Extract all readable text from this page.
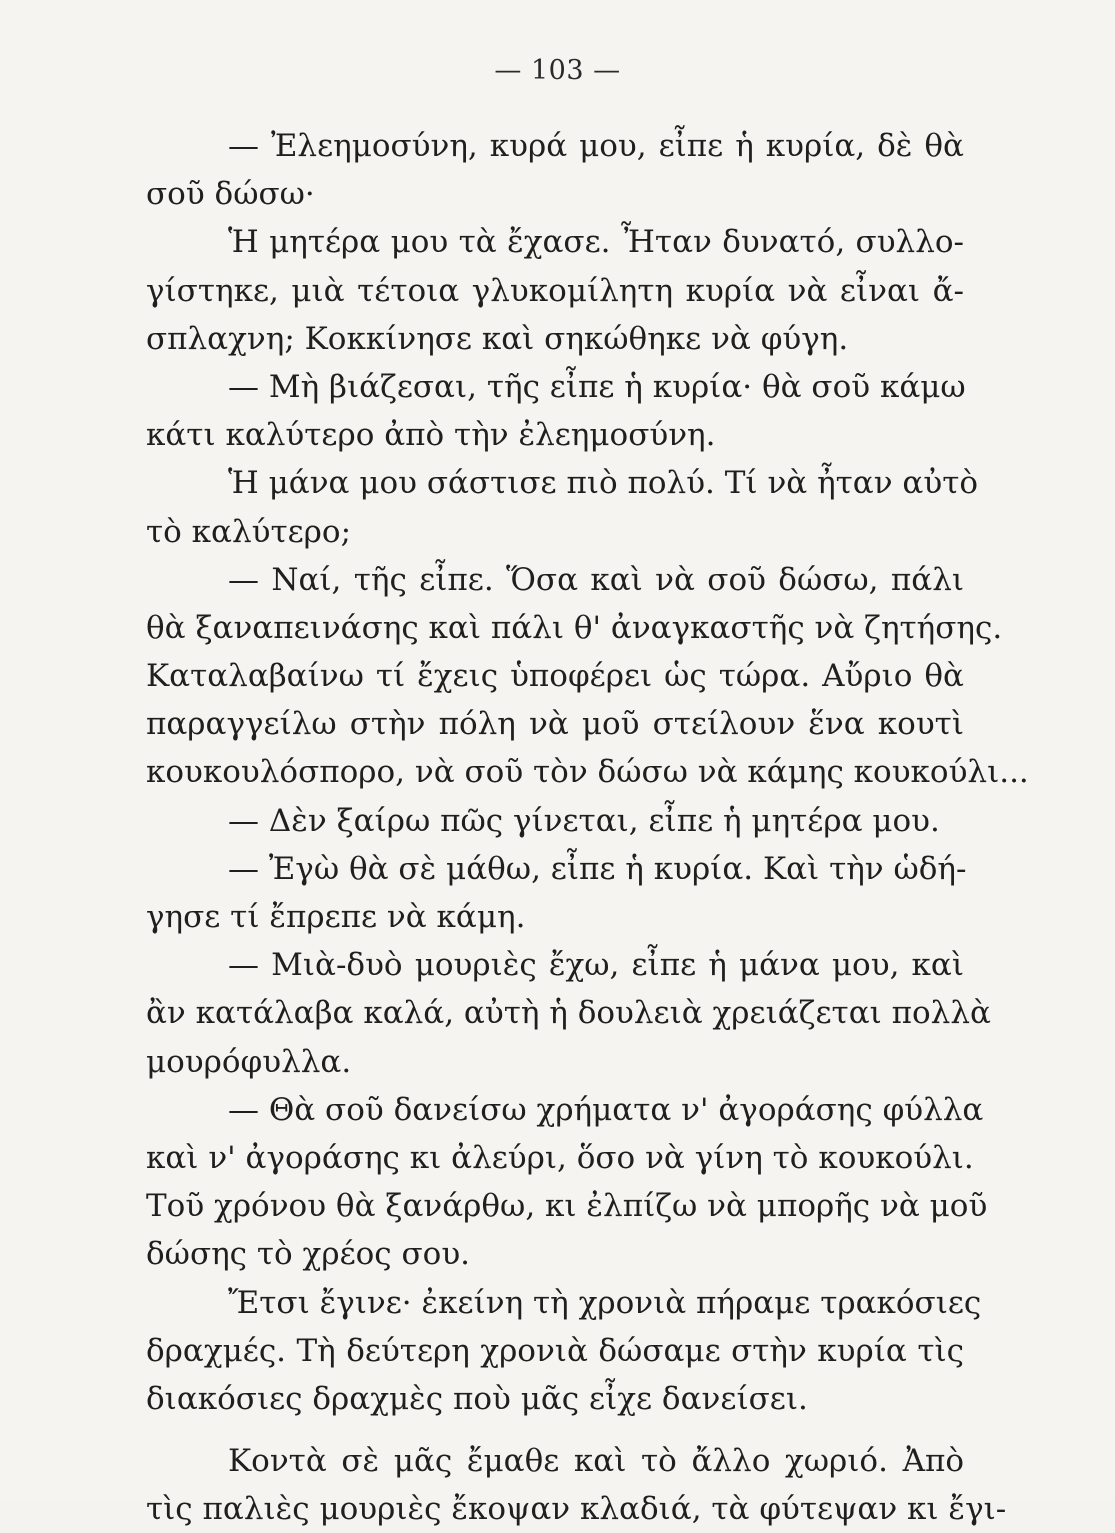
— 103 —
— Ἐλεημοσύνη, κυρά μου, εἶπε ἡ κυρία, δὲ θὰ
σοῦ δώσω·
Ἡ μητέρα μου τὰ ἔχασε. Ἦταν δυνατό, συλλο-
γίστηκε, μιὰ τέτοια γλυκομίλητη κυρία νὰ εἶναι ἄ-
σπλαχνη; Κοκκίνησε καὶ σηκώθηκε νὰ φύγη.
— Μὴ βιάζεσαι, τῆς εἶπε ἡ κυρία· θὰ σοῦ κάμω
κάτι καλύτερο ἀπὸ τὴν ἐλεημοσύνη.
Ἡ μάνα μου σάστισε πιὸ πολύ. Τί νὰ ἦταν αὐτὸ
τὸ καλύτερο;
— Ναί, τῆς εἶπε. Ὅσα καὶ νὰ σοῦ δώσω, πάλι
θὰ ξαναπεινάσης καὶ πάλι θ' ἀναγκαστῆς νὰ ζητήσης.
Καταλαβαίνω τί ἔχεις ὑποφέρει ὡς τώρα. Αὔριο θὰ
παραγγείλω στὴν πόλη νὰ μοῦ στείλουν ἕνα κουτὶ
κουκουλόσπορο, νὰ σοῦ τὸν δώσω νὰ κάμης κουκούλι...
— Δὲν ξαίρω πῶς γίνεται, εἶπε ἡ μητέρα μου.
— Ἐγὼ θὰ σὲ μάθω, εἶπε ἡ κυρία. Καὶ τὴν ὡδή-
γησε τί ἔπρεπε νὰ κάμη.
— Μιὰ-δυὸ μουριὲς ἔχω, εἶπε ἡ μάνα μου, καὶ
ἂν κατάλαβα καλά, αὐτὴ ἡ δουλειὰ χρειάζεται πολλὰ
μουρόφυλλα.
— Θὰ σοῦ δανείσω χρήματα ν' ἀγοράσης φύλλα
καὶ ν' ἀγοράσης κι ἀλεύρι, ὅσο νὰ γίνη τὸ κουκούλι.
Τοῦ χρόνου θὰ ξανάρθω, κι ἐλπίζω νὰ μπορῆς νὰ μοῦ
δώσης τὸ χρέος σου.
Ἔτσι ἔγινε· ἐκείνη τὴ χρονιὰ πήραμε τρακόσιες
δραχμές. Τὴ δεύτερη χρονιὰ δώσαμε στὴν κυρία τὶς
διακόσιες δραχμὲς ποὺ μᾶς εἶχε δανείσει.
Κοντὰ σὲ μᾶς ἔμαθε καὶ τὸ ἄλλο χωριό. Ἀπὸ
τὶς παλιὲς μουριὲς ἔκοψαν κλαδιά, τὰ φύτεψαν κι ἔγι-
